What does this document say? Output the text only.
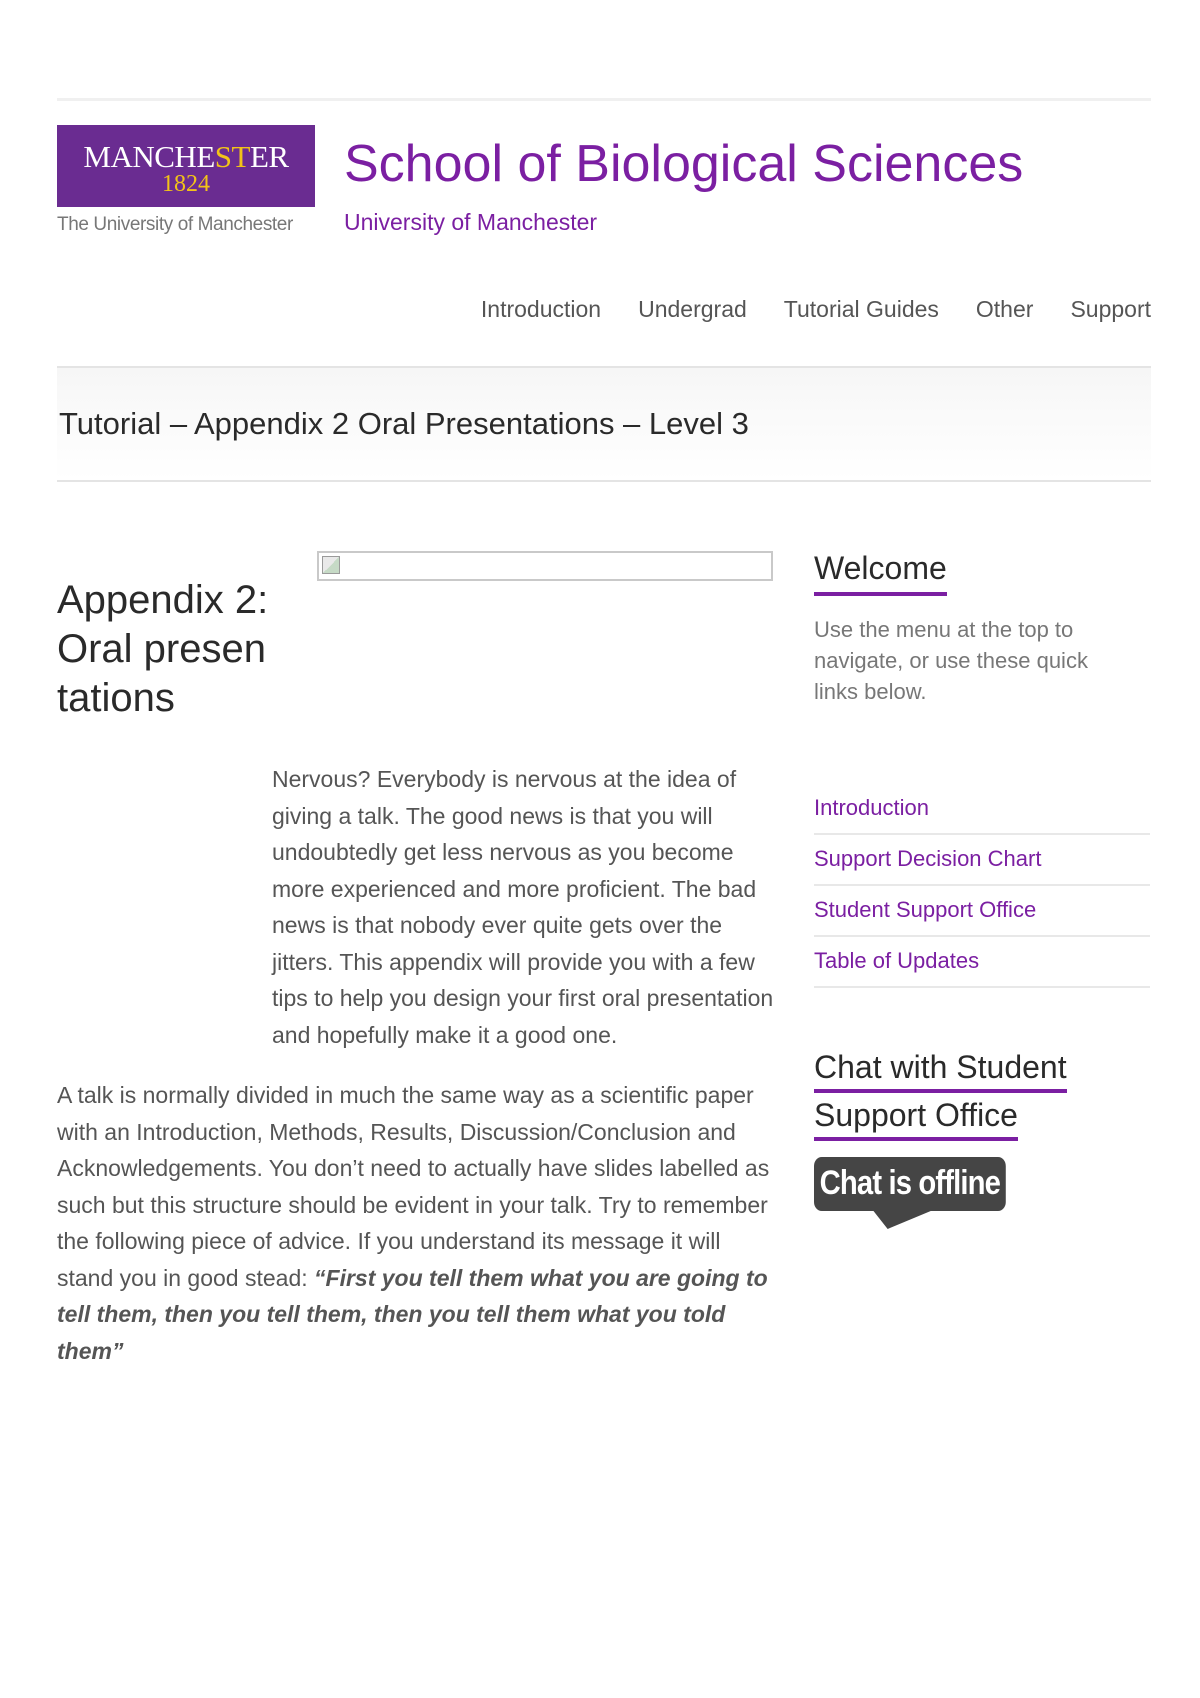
MANCHESTER
1824
The University of Manchester
School of Biological Sciences
University of Manchester
Introduction Undergrad Tutorial Guides Other Support
Tutorial – Appendix 2 Oral Presentations – Level 3
Appendix 2: Oral presentations

Nervous? Everybody is nervous at the idea of giving a talk. The good news is that you will undoubtedly get less nervous as you become more experienced and more proficient. The bad news is that nobody ever quite gets over the jitters. This appendix will provide you with a few tips to help you design your first oral presentation and hopefully make it a good one.

A talk is normally divided in much the same way as a scientific paper with an Introduction, Methods, Results, Discussion/Conclusion and Acknowledgements. You don’t need to actually have slides labelled as such but this structure should be evident in your talk. Try to remember the following piece of advice. If you understand its message it will stand you in good stead: “First you tell them what you are going to tell them, then you tell them, then you tell them what you told them”

Welcome

Use the menu at the top to navigate, or use these quick links below.

Introduction
Support Decision Chart
Student Support Office
Table of Updates
Chat with Student
Support Office
Chat is offline
